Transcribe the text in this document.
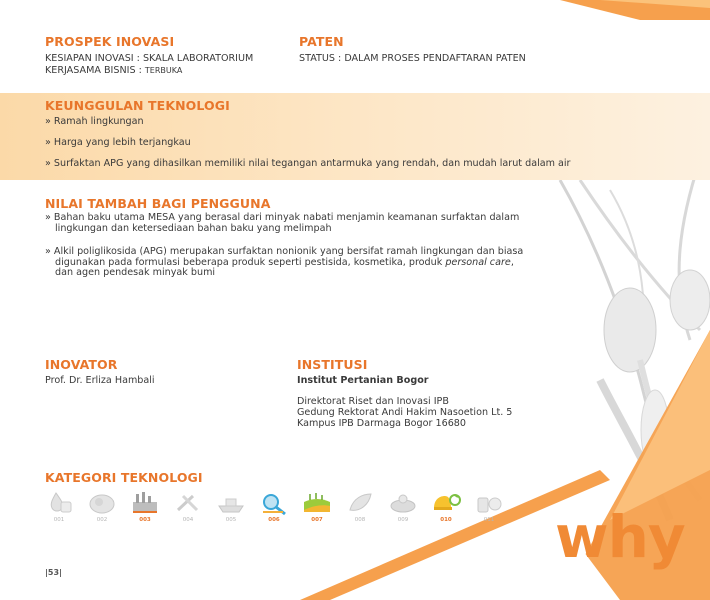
PROSPEK INOVASI
KESIAPAN INOVASI : SKALA LABORATORIUM
KERJASAMA BISNIS : TERBUKA
PATEN
STATUS : DALAM PROSES PENDAFTARAN PATEN
KEUNGGULAN TEKNOLOGI
» Ramah lingkungan
» Harga yang lebih terjangkau
» Surfaktan APG yang dihasilkan memiliki nilai tegangan antarmuka yang rendah, dan mudah larut dalam air
NILAI TAMBAH BAGI PENGGUNA
» Bahan baku utama MESA yang berasal dari minyak nabati menjamin keamanan surfaktan dalam
lingkungan dan ketersediaan bahan baku yang melimpah
» Alkil poliglikosida (APG) merupakan surfaktan nonionik yang bersifat ramah lingkungan dan biasa
digunakan pada formulasi beberapa produk seperti pestisida, kosmetika, produk personal care,
dan agen pendesak minyak bumi
INOVATOR
Prof. Dr. Erliza Hambali
INSTITUSI
Institut Pertanian Bogor
Direktorat Riset dan Inovasi IPB
Gedung Rektorat Andi Hakim Nasoetion Lt. 5
Kampus IPB Darmaga Bogor 16680
KATEGORI TEKNOLOGI
001	002	003	004	005	006	007	008	009	010	011 why
|53|
